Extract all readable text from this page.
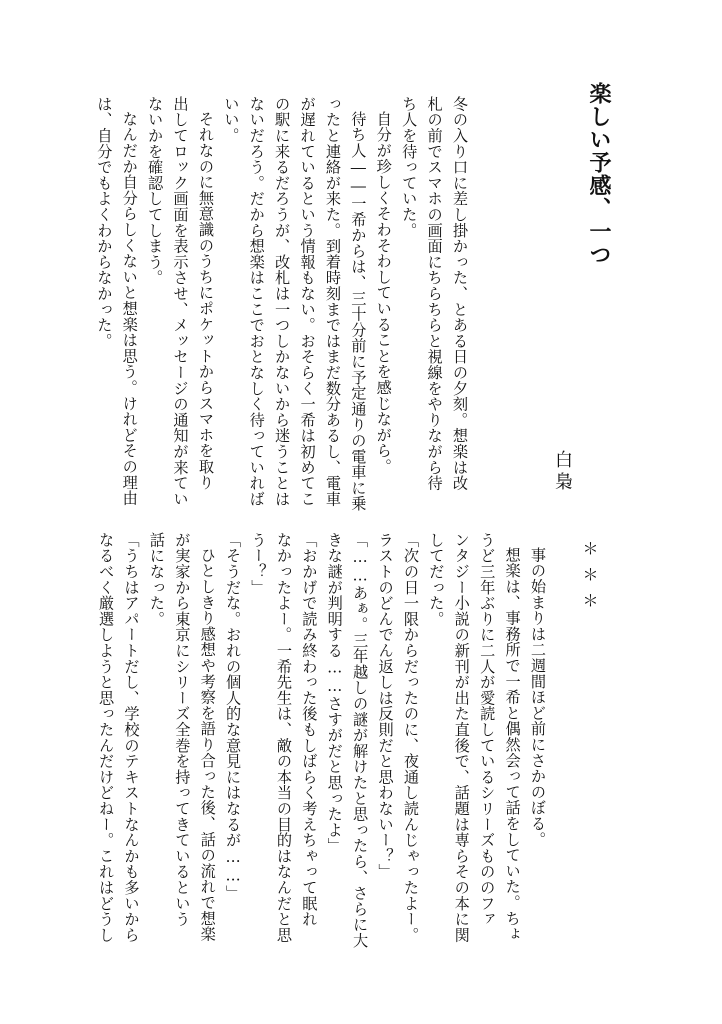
楽しい予感、一つ
白梟
冬の入り口に差し掛かった、とある日の夕刻。想楽は改
札の前でスマホの画面にちらちらと視線をやりながら待
ち人を待っていた。
自分が珍しくそわそわしていることを感じながら。
待ち人――一希からは、三十分前に予定通りの電車に乗
ったと連絡が来た。到着時刻まではまだ数分あるし、電車
が遅れているという情報もない。おそらく一希は初めてこ
の駅に来るだろうが、改札は一つしかないから迷うことは
ないだろう。だから想楽はここでおとなしく待っていれば
いい。
それなのに無意識のうちにポケットからスマホを取り
出してロック画面を表示させ、メッセージの通知が来てい
ないかを確認してしまう。
なんだか自分らしくないと想楽は思う。けれどその理由
は、自分でもよくわからなかった。
＊＊＊
事の始まりは二週間ほど前にさかのぼる。
想楽は、事務所で一希と偶然会って話をしていた。ちょ
うど三年ぶりに二人が愛読しているシリーズもののファ
ンタジー小説の新刊が出た直後で、話題は専らその本に関
してだった。
「次の日一限からだったのに、夜通し読んじゃったよー。
ラストのどんでん返しは反則だと思わないー？」
「……あぁ。三年越しの謎が解けたと思ったら、さらに大
きな謎が判明する……さすがだと思ったよ」
「おかげで読み終わった後もしばらく考えちゃって眠れ
なかったよー。一希先生は、敵の本当の目的はなんだと思
うー？」
「そうだな。おれの個人的な意見にはなるが……」
ひとしきり感想や考察を語り合った後、話の流れで想楽
が実家から東京にシリーズ全巻を持ってきているという
話になった。
「うちはアパートだし、学校のテキストなんかも多いから
なるべく厳選しようと思ったんだけどねー。これはどうし
